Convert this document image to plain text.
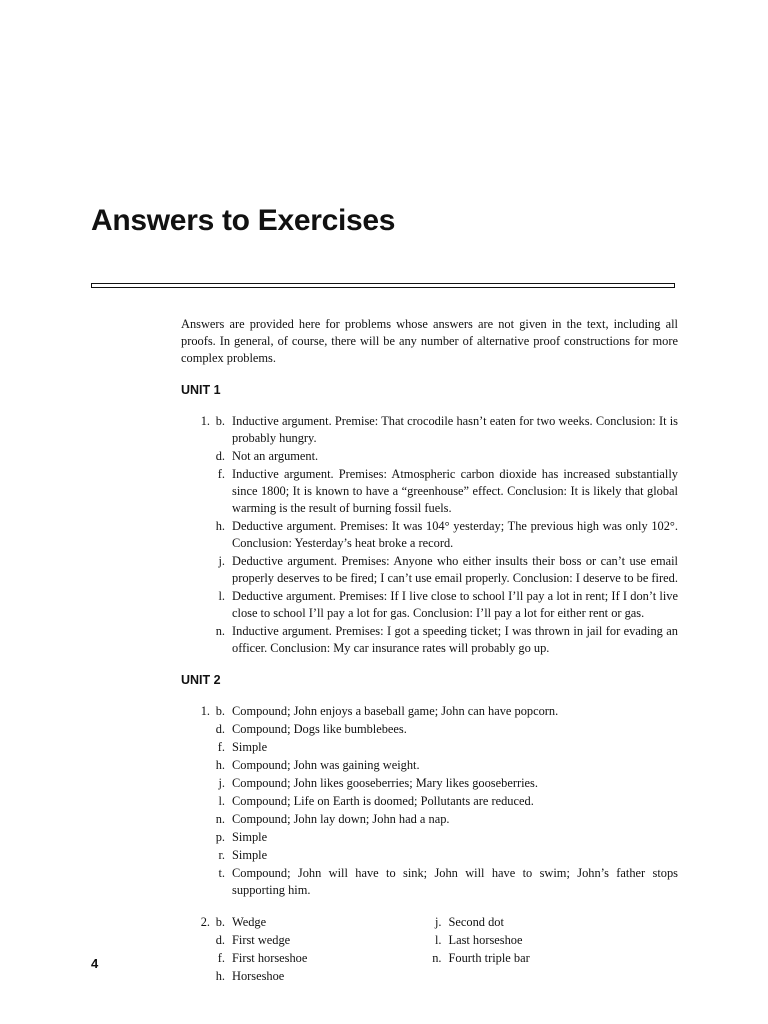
Answers to Exercises

Answers are provided here for problems whose answers are not given in the text, including all proofs. In general, of course, there will be any number of alternative proof constructions for more complex problems.

UNIT 1
1. b. Inductive argument. Premise: That crocodile hasn’t eaten for two weeks. Conclusion: It is probably hungry.
d. Not an argument.
f. Inductive argument. Premises: Atmospheric carbon dioxide has increased substantially since 1800; It is known to have a “greenhouse” effect. Conclusion: It is likely that global warming is the result of burning fossil fuels.
h. Deductive argument. Premises: It was 104° yesterday; The previous high was only 102°. Conclusion: Yesterday’s heat broke a record.
j. Deductive argument. Premises: Anyone who either insults their boss or can’t use email properly deserves to be fired; I can’t use email properly. Conclusion: I deserve to be fired.
l. Deductive argument. Premises: If I live close to school I’ll pay a lot in rent; If I don’t live close to school I’ll pay a lot for gas. Conclusion: I’ll pay a lot for either rent or gas.
n. Inductive argument. Premises: I got a speeding ticket; I was thrown in jail for evading an officer. Conclusion: My car insurance rates will probably go up.
UNIT 2
1. b. Compound; John enjoys a baseball game; John can have popcorn.
d. Compound; Dogs like bumblebees.
f. Simple
h. Compound; John was gaining weight.
j. Compound; John likes gooseberries; Mary likes gooseberries.
l. Compound; Life on Earth is doomed; Pollutants are reduced.
n. Compound; John lay down; John had a nap.
p. Simple
r. Simple
t. Compound; John will have to sink; John will have to swim; John’s father stops supporting him.
2. b. Wedge
d. First wedge
f. First horseshoe
h. Horseshoe
j. Second dot
l. Last horseshoe
n. Fourth triple bar
4
